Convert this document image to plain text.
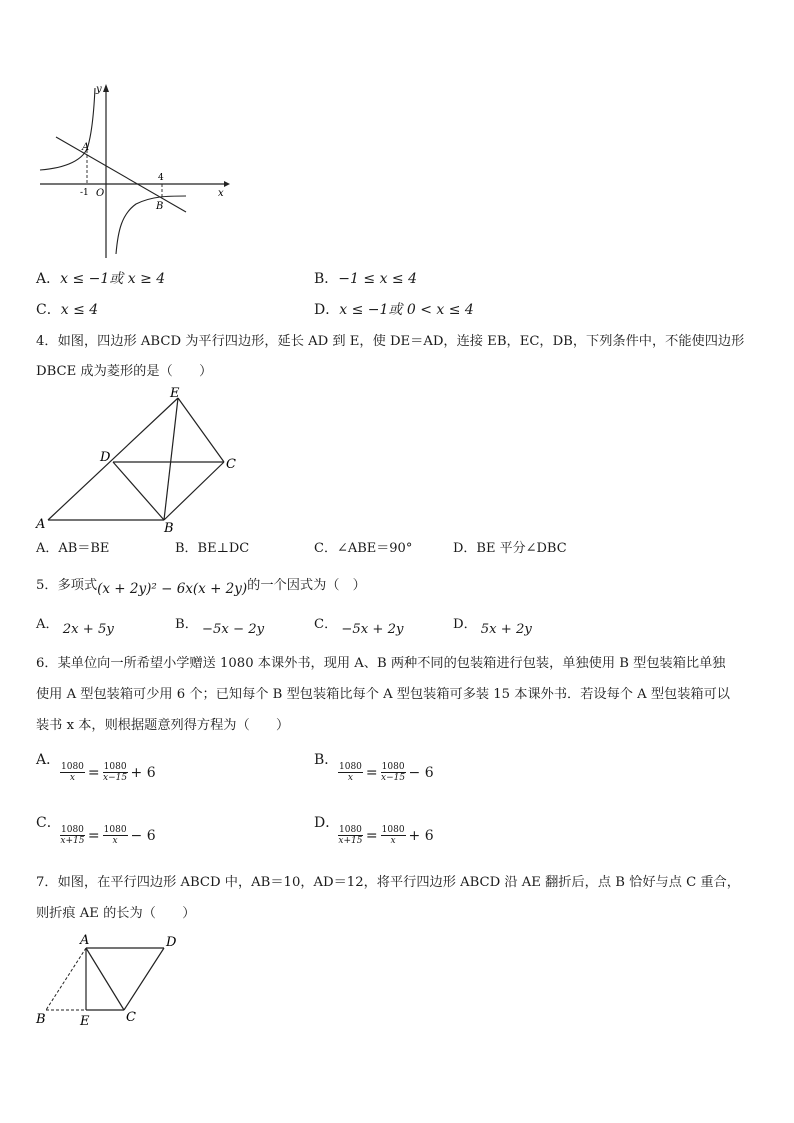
y
x
O
A
4
-1
4
B
A．x ≤ −1或 x ≥ 4	B．−1 ≤ x ≤ 4
C．x ≤ 4	D．x ≤ −1或 0 < x ≤ 4
4．如图，四边形 ABCD 为平行四边形，延长 AD 到 E，使 DE＝AD，连接 EB，EC，DB，下列条件中，不能使四边形
DBCE 成为菱形的是（　　）
E
D	C
A	B
A．AB＝BE	B．BE⊥DC	C．∠ABE＝90°	D．BE 平分∠DBC
5．多项式(x + 2y)² − 6x(x + 2y)的一个因式为（　）
A． 2x + 5y	B． −5x − 2y	C． −5x + 2y	D． 5x + 2y
6．某单位向一所希望小学赠送 1080 本课外书，现用 A、B 两种不同的包装箱进行包装，单独使用 B 型包装箱比单独
使用 A 型包装箱可少用 6 个；已知每个 B 型包装箱比每个 A 型包装箱可多装 15 本课外书．若设每个 A 型包装箱可以
装书 x 本，则根据题意列得方程为（　　）
A．
$\frac{1080}{x} = \frac{1080}{x-15} + 6$
B．
$\frac{1080}{x} = \frac{1080}{x-15} - 6$
C．
$\frac{1080}{x+15} = \frac{1080}{x} - 6$
D．
$\frac{1080}{x+15} = \frac{1080}{x} + 6$
7．如图，在平行四边形 ABCD 中，AB＝10，AD＝12，将平行四边形 ABCD 沿 AE 翻折后，点 B 恰好与点 C 重合，
则折痕 AE 的长为（　　）
A	D
B	E	C
